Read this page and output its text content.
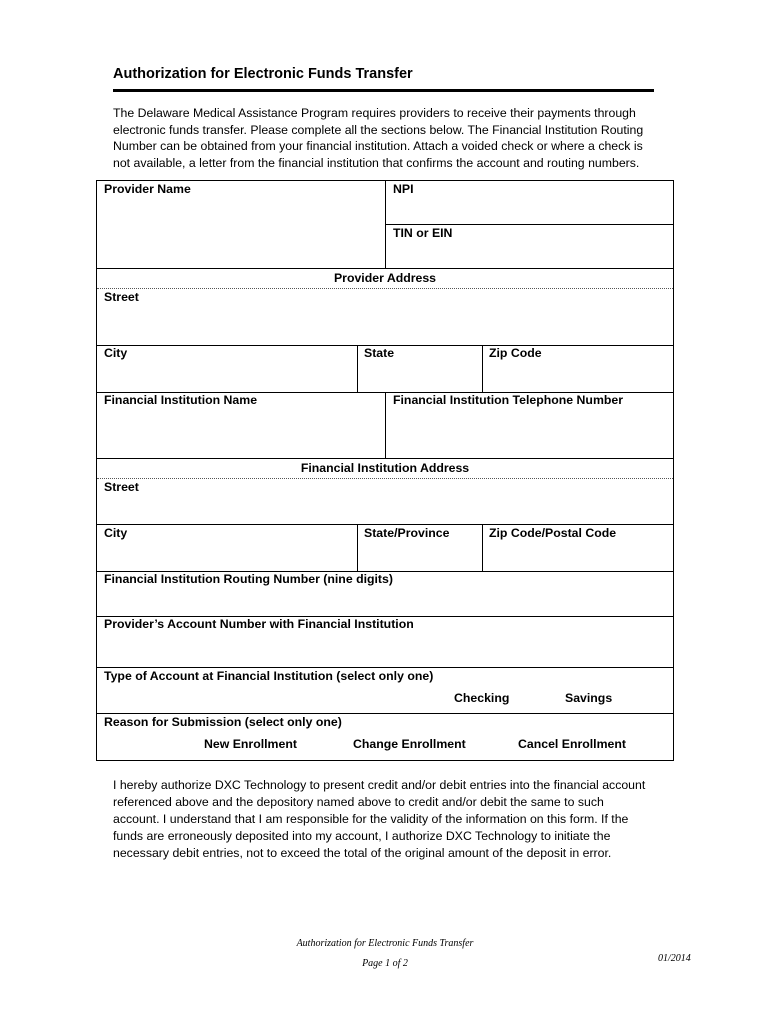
Authorization for Electronic Funds Transfer
The Delaware Medical Assistance Program requires providers to receive their payments through
electronic funds transfer. Please complete all the sections below. The Financial Institution Routing
Number can be obtained from your financial institution. Attach a voided check or where a check is
not available, a letter from the financial institution that confirms the account and routing numbers.
Provider Name	NPI
TIN or EIN
Provider Address
Street
City	State	Zip Code
Financial Institution Name	Financial Institution Telephone Number
Financial Institution Address
Street
City	State/Province	Zip Code/Postal Code
Financial Institution Routing Number (nine digits)
Provider’s Account Number with Financial Institution
Type of Account at Financial Institution (select only one)
Checking	Savings
Reason for Submission (select only one)
New Enrollment	Change Enrollment	Cancel Enrollment
I hereby authorize DXC Technology to present credit and/or debit entries into the financial account
referenced above and the depository named above to credit and/or debit the same to such
account. I understand that I am responsible for the validity of the information on this form. If the
funds are erroneously deposited into my account, I authorize DXC Technology to initiate the
necessary debit entries, not to exceed the total of the original amount of the deposit in error.
Authorization for Electronic Funds Transfer
Page 1 of 2	01/2014
